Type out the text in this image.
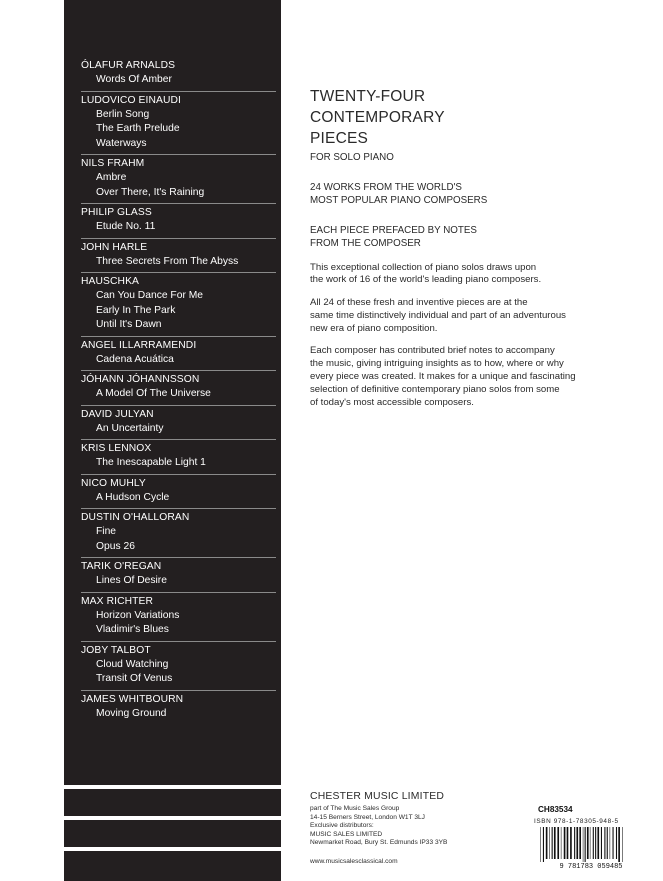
ÓLAFUR ARNALDS
Words Of Amber
LUDOVICO EINAUDI
Berlin Song
The Earth Prelude
Waterways
NILS FRAHM
Ambre
Over There, It's Raining
PHILIP GLASS
Etude No. 11
JOHN HARLE
Three Secrets From The Abyss
HAUSCHKA
Can You Dance For Me
Early In The Park
Until It's Dawn
ANGEL ILLARRAMENDI
Cadena Acuática
JÓHANN JÓHANNSSON
A Model Of The Universe
DAVID JULYAN
An Uncertainty
KRIS LENNOX
The Inescapable Light 1
NICO MUHLY
A Hudson Cycle
DUSTIN O'HALLORAN
Fine
Opus 26
TARIK O'REGAN
Lines Of Desire
MAX RICHTER
Horizon Variations
Vladimir's Blues
JOBY TALBOT
Cloud Watching
Transit Of Venus
JAMES WHITBOURN
Moving Ground
TWENTY-FOUR
CONTEMPORARY
PIECES
FOR SOLO PIANO
24 WORKS FROM THE WORLD'S
MOST POPULAR PIANO COMPOSERS
EACH PIECE PREFACED BY NOTES
FROM THE COMPOSER
This exceptional collection of piano solos draws upon
the work of 16 of the world's leading piano composers.
All 24 of these fresh and inventive pieces are at the
same time distinctively individual and part of an adventurous
new era of piano composition.
Each composer has contributed brief notes to accompany
the music, giving intriguing insights as to how, where or why
every piece was created. It makes for a unique and fascinating
selection of definitive contemporary piano solos from some
of today's most accessible composers.
CHESTER MUSIC LIMITED
part of The Music Sales Group
14-15 Berners Street, London W1T 3LJ
Exclusive distributors:
MUSIC SALES LIMITED
Newmarket Road, Bury St. Edmunds IP33 3YB
www.musicsalesclassical.com
CH83534
ISBN 978-1-78305-948-5
9 781783 059485
